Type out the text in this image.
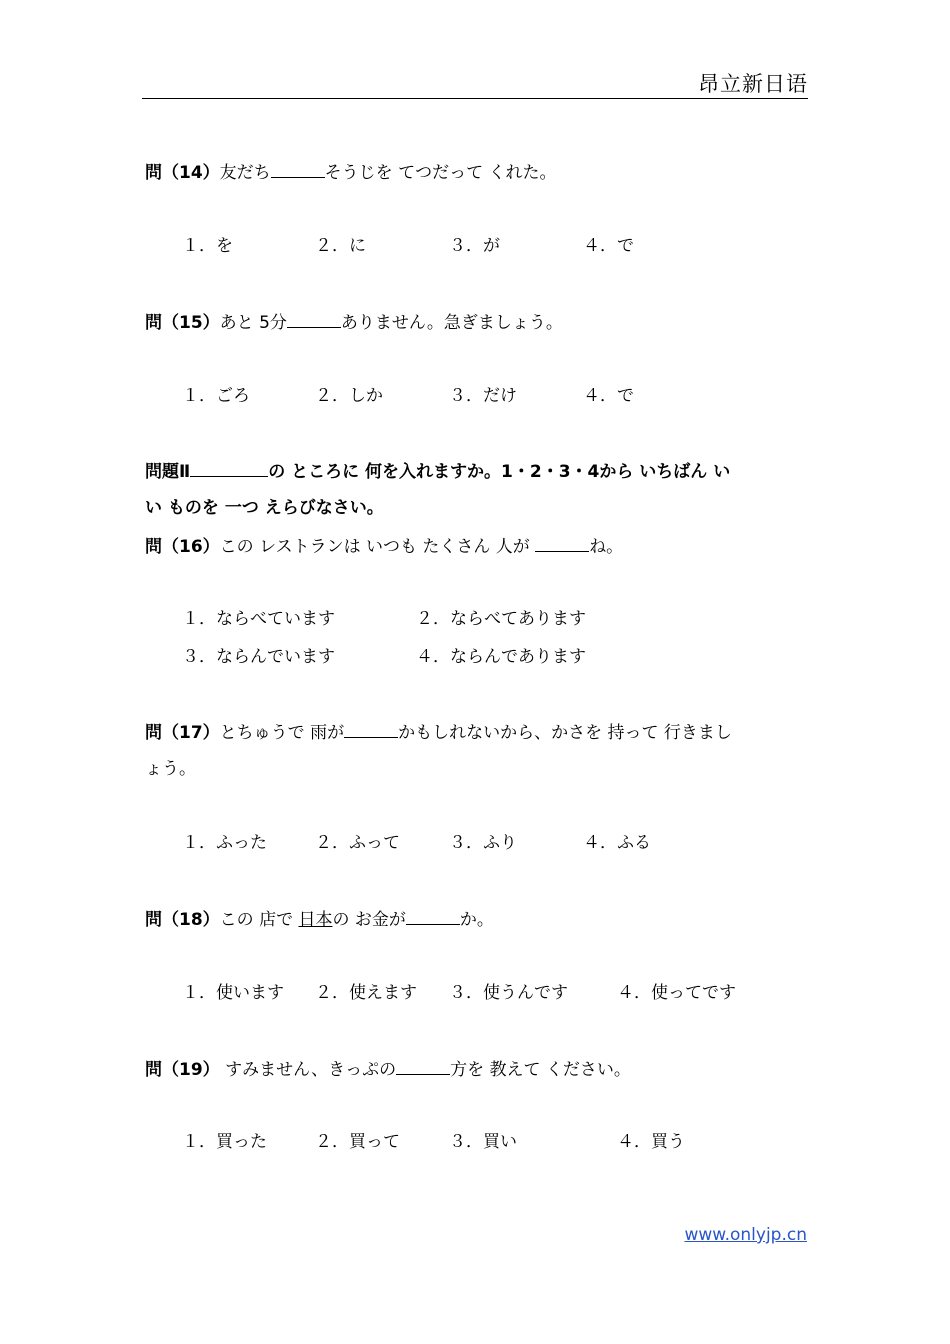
昂立新日语
問（14）友だち	そうじを てつだって くれた。
１．を	２．に	３．が	４．で
問（15）あと 5分	ありません。急ぎましょう。
１．ごろ	２．しか	３．だけ	４．で
問題Ⅱ	の ところに 何を入れますか。1・2・3・4から いちばん い
い ものを 一つ えらびなさい。
問（16）この レストランは いつも たくさん 人が	ね。
１．ならべています	２．ならべてあります
３．ならんでいます	４．ならんであります
問（17）とちゅうで 雨が	かもしれないから、かさを 持って 行きまし
ょう。
１．ふった	２．ふって	３．ふり	４．ふる
問（18）この 店で 日本の お金が	か。
１．使います ２．使えます ３．使うんです	４．使ってです
問（19） すみません、きっぷの	方を 教えて ください。
１．買った	２．買って	３．買い	４．買う
www.onlyjp.cn
